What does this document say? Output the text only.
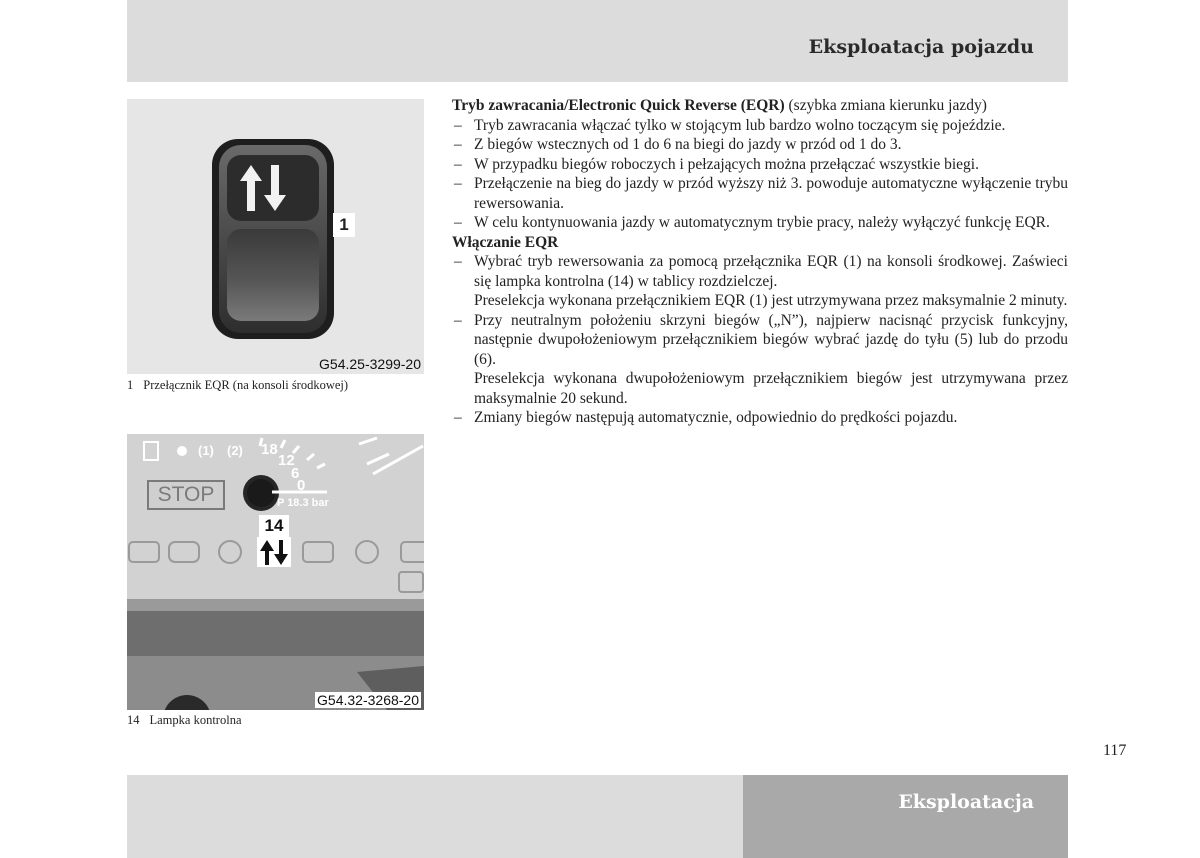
Eksploatacja pojazdu
1
G54.25-3299-20
1 Przełącznik EQR (na konsoli środkowej)
STOP	P 18.3 bar
18
12
6
0
(1) (2)
14
G54.32-3268-20
14 Lampka kontrolna

Tryb zawracania/Electronic Quick Reverse (EQR) (szybka zmiana kierunku jazdy)

– Tryb zawracania włączać tylko w stojącym lub bardzo wolno toczącym się pojeździe.
– Z biegów wstecznych od 1 do 6 na biegi do jazdy w przód od 1 do 3.
– W przypadku biegów roboczych i pełzających można przełączać wszystkie biegi.
– Przełączenie na bieg do jazdy w przód wyższy niż 3. powoduje automatyczne wyłączenie trybu rewersowania.
– W celu kontynuowania jazdy w automatycznym trybie pracy, należy wyłączyć funkcję EQR.

Włączanie EQR

– Wybrać tryb rewersowania za pomocą przełącznika EQR (1) na konsoli środkowej. Zaświeci się lampka kontrolna (14) w tablicy rozdzielczej.
Preselekcja wykonana przełącznikiem EQR (1) jest utrzymywana przez maksymalnie 2 minuty.
– Przy neutralnym położeniu skrzyni biegów („N”), najpierw nacisnąć przycisk funkcyjny, następnie dwupołożeniowym przełącznikiem biegów wybrać jazdę do tyłu (5) lub do przodu (6).
Preselekcja wykonana dwupołożeniowym przełącznikiem biegów jest utrzymywana przez maksymalnie 20 sekund.
– Zmiany biegów następują automatycznie, odpowiednio do prędkości pojazdu.
117
Eksploatacja
